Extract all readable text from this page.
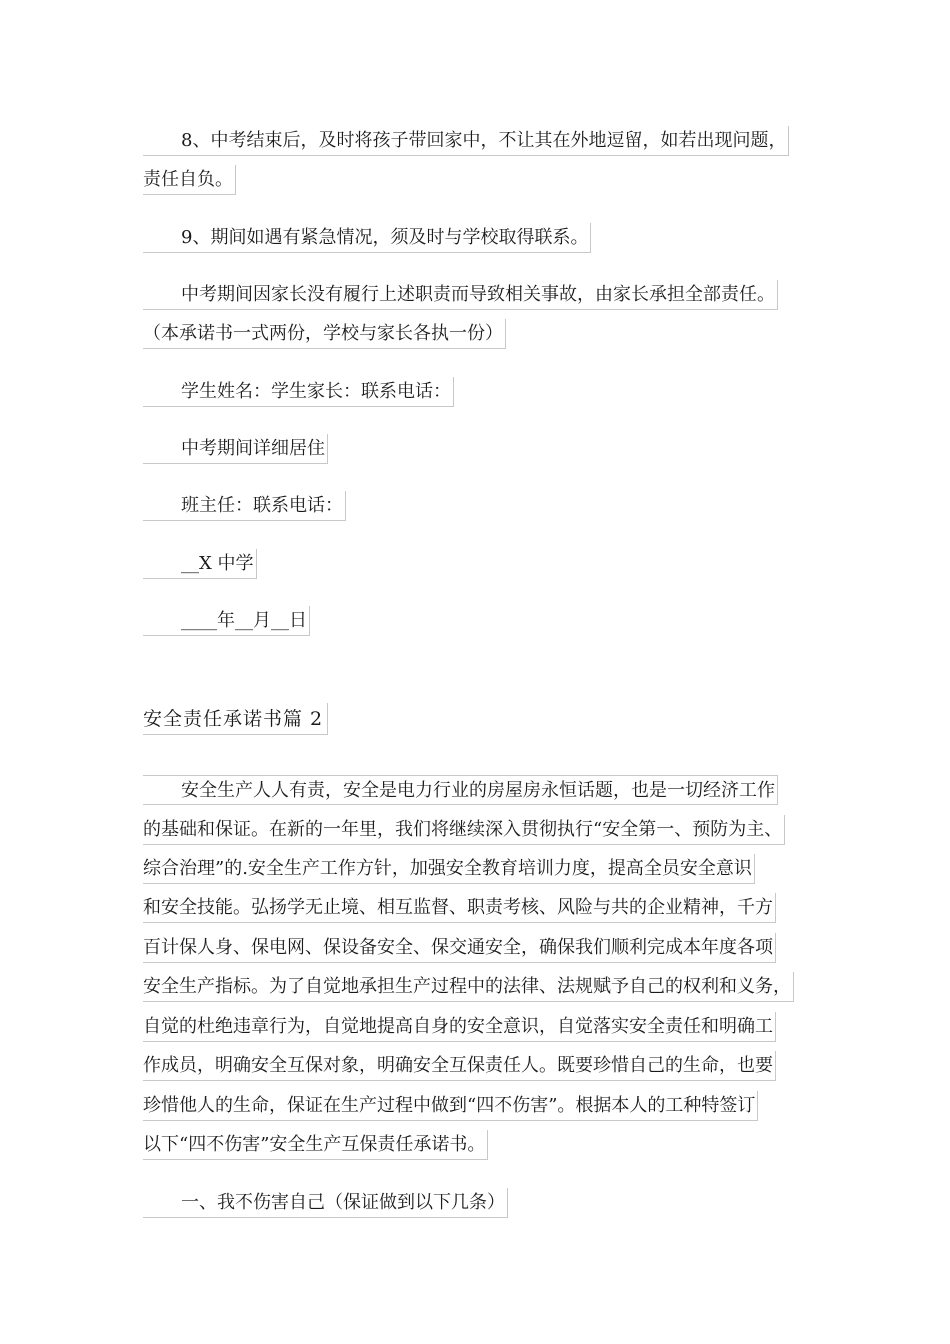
8、中考结束后，及时将孩子带回家中，不让其在外地逗留，如若出现问题，
责任自负。
9、期间如遇有紧急情况，须及时与学校取得联系。
中考期间因家长没有履行上述职责而导致相关事故，由家长承担全部责任。
（本承诺书一式两份，学校与家长各执一份）
学生姓名：学生家长：联系电话：
中考期间详细居住
班主任：联系电话：
__X 中学
____年__月__日
安全责任承诺书篇 2
安全生产人人有责，安全是电力行业的房屋房永恒话题，也是一切经济工作
的基础和保证。在新的一年里，我们将继续深入贯彻执行“安全第一、预防为主、
综合治理”的.安全生产工作方针，加强安全教育培训力度，提高全员安全意识
和安全技能。弘扬学无止境、相互监督、职责考核、风险与共的企业精神，千方
百计保人身、保电网、保设备安全、保交通安全，确保我们顺利完成本年度各项
安全生产指标。为了自觉地承担生产过程中的法律、法规赋予自己的权利和义务，
自觉的杜绝违章行为，自觉地提高自身的安全意识，自觉落实安全责任和明确工
作成员，明确安全互保对象，明确安全互保责任人。既要珍惜自己的生命，也要
珍惜他人的生命，保证在生产过程中做到“四不伤害”。根据本人的工种特签订
以下“四不伤害”安全生产互保责任承诺书。
一、我不伤害自己（保证做到以下几条）
